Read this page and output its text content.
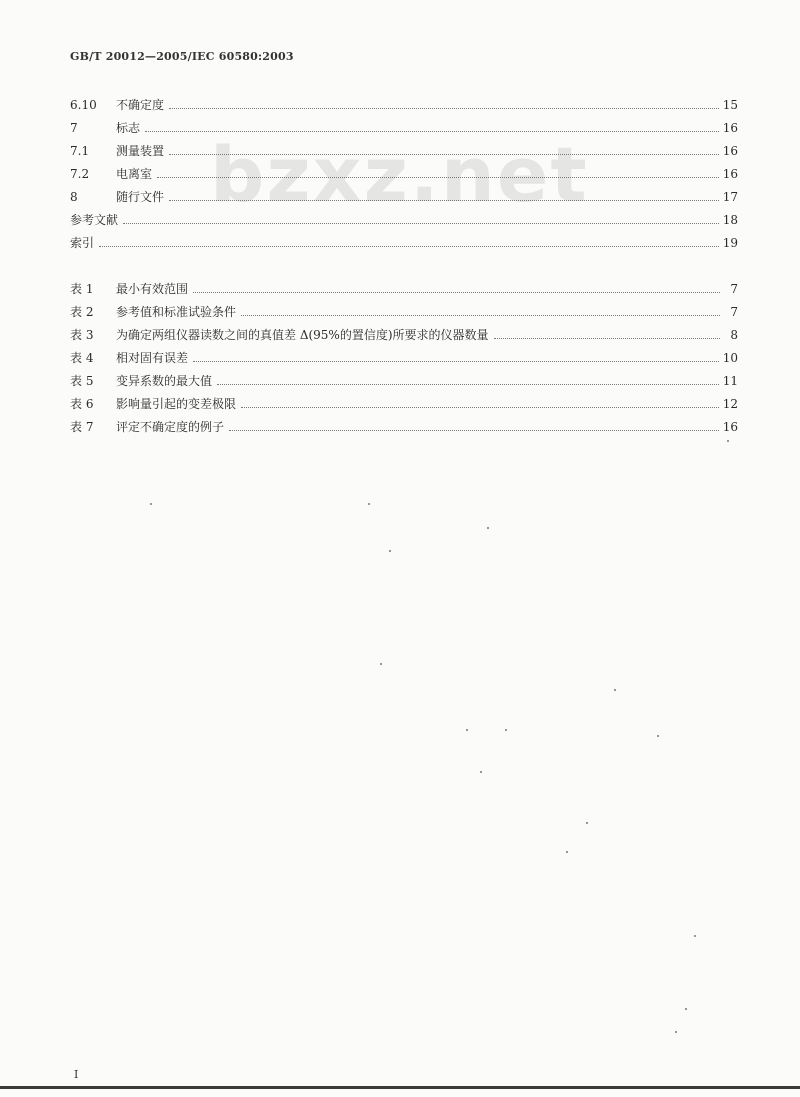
GB/T 20012—2005/IEC 60580:2003
bzxz.net
6.10	不确定度	15
7	标志	16
7.1	测量装置	16
7.2	电离室	16
8	随行文件	17
参考文献	18
索引	19
表 1	最小有效范围	7
表 2	参考值和标准试验条件	7
表 3	为确定两组仪器读数之间的真值差 Δ(95%的置信度)所要求的仪器数量	8
表 4	相对固有误差	10
表 5	变异系数的最大值	11
表 6	影响量引起的变差极限	12
表 7	评定不确定度的例子	16
I
